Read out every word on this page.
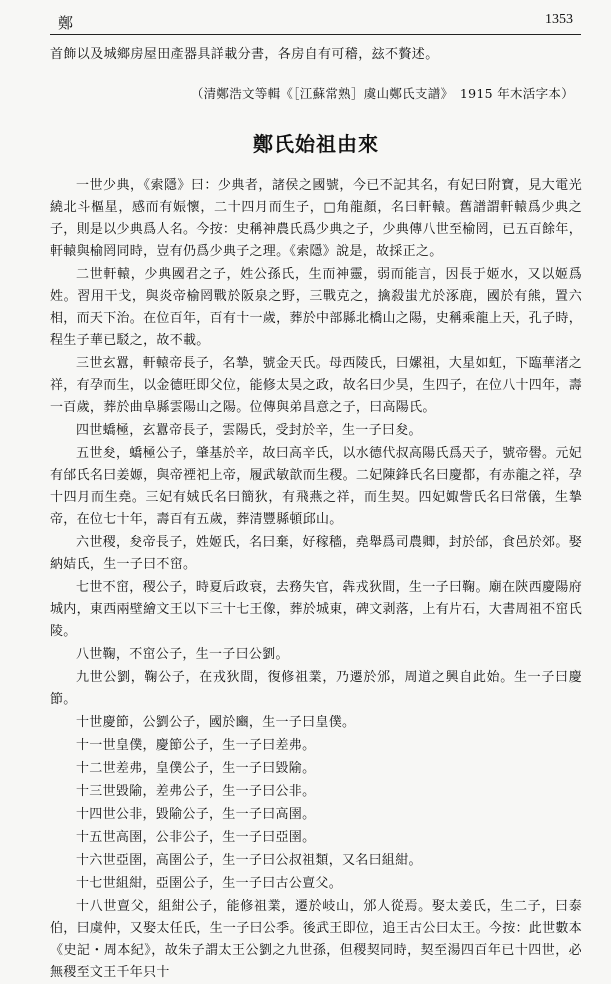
鄭	1353

首飾以及城鄉房屋田產器具詳載分書，各房自有可稽，玆不贅述。

（清鄭浩文等輯《［江蘇常熟］虞山鄭氏支譜》　1915 年木活字本）

鄭氏始祖由來

一世少典，《索隱》曰：少典者，諸侯之國號，今已不記其名，有妃曰附寶，見大電光繞北斗樞星，感而有娠懷，二十四月而生子，□角龍顏，名曰軒轅。舊譜謂軒轅爲少典之子，則是以少典爲人名。今按：史稱神農氏爲少典之子，少典傳八世至榆罔，已五百餘年，軒轅與榆罔同時，豈有仍爲少典子之理。《索隱》說是，故採正之。

二世軒轅，少典國君之子，姓公孫氏，生而神靈，弱而能言，因長于姬水，又以姬爲姓。習用干戈，與炎帝榆罔戰於阪泉之野，三戰克之，擒殺蚩尤於涿鹿，國於有熊，置六相，而天下治。在位百年，百有十一歲，葬於中部縣北橋山之陽，史稱乘龍上天，孔子時，程生子華已駁之，故不載。

三世玄囂，軒轅帝長子，名摯，號金天氏。母西陵氏，曰嫘祖，大星如虹，下臨華渚之祥，有孕而生，以金德旺即父位，能修太昊之政，故名曰少昊，生四子，在位八十四年，壽一百歲，葬於曲阜縣雲陽山之陽。位傳與弟昌意之子，曰高陽氏。

四世蟜極，玄囂帝長子，雲陽氏，受封於辛，生一子曰夋。

五世夋，蟜極公子，肇基於辛，故曰高辛氏，以水德代叔高陽氏爲天子，號帝嚳。元妃有邰氏名曰姜嫄，與帝禋祀上帝，履武敏歆而生稷。二妃陳鋒氏名曰慶都，有赤龍之祥，孕十四月而生堯。三妃有娀氏名曰簡狄，有飛燕之祥，而生契。四妃娵訾氏名曰常儀，生摯帝，在位七十年，壽百有五歲，葬清豐縣頓邱山。

六世稷，夋帝長子，姓姬氏，名曰棄，好稼穡，堯舉爲司農卿，封於邰，食邑於郊。娶納姞氏，生一子曰不窋。

七世不窋，稷公子，時夏后政衰，去務失官，犇戎狄間，生一子曰鞠。廟在陝西慶陽府城内，東西兩壁繪文王以下三十七王像，葬於城東，碑文剥落，上有片石，大書周祖不窋氏陵。

八世鞠，不窋公子，生一子曰公劉。

九世公劉，鞠公子，在戎狄間，復修祖業，乃遷於邠，周道之興自此始。生一子曰慶節。

十世慶節，公劉公子，國於豳，生一子曰皇僕。

十一世皇僕，慶節公子，生一子曰差弗。

十二世差弗，皇僕公子，生一子曰毀隃。

十三世毀隃，差弗公子，生一子曰公非。

十四世公非，毀隃公子，生一子曰高圉。

十五世高圉，公非公子，生一子曰亞圉。

十六世亞圉，高圉公子，生一子曰公叔祖類，又名曰組紺。

十七世組紺，亞圉公子，生一子曰古公亶父。

十八世亶父，組紺公子，能修祖業，遷於岐山，邠人從焉。娶太姜氏，生二子，曰泰伯，曰虞仲，又娶太任氏，生一子曰公季。後武王即位，追王古公曰太王。今按：此世數本《史記・周本紀》，故朱子謂太王公劉之九世孫，但稷契同時，契至湯四百年已十四世，必無稷至文王千年只十
